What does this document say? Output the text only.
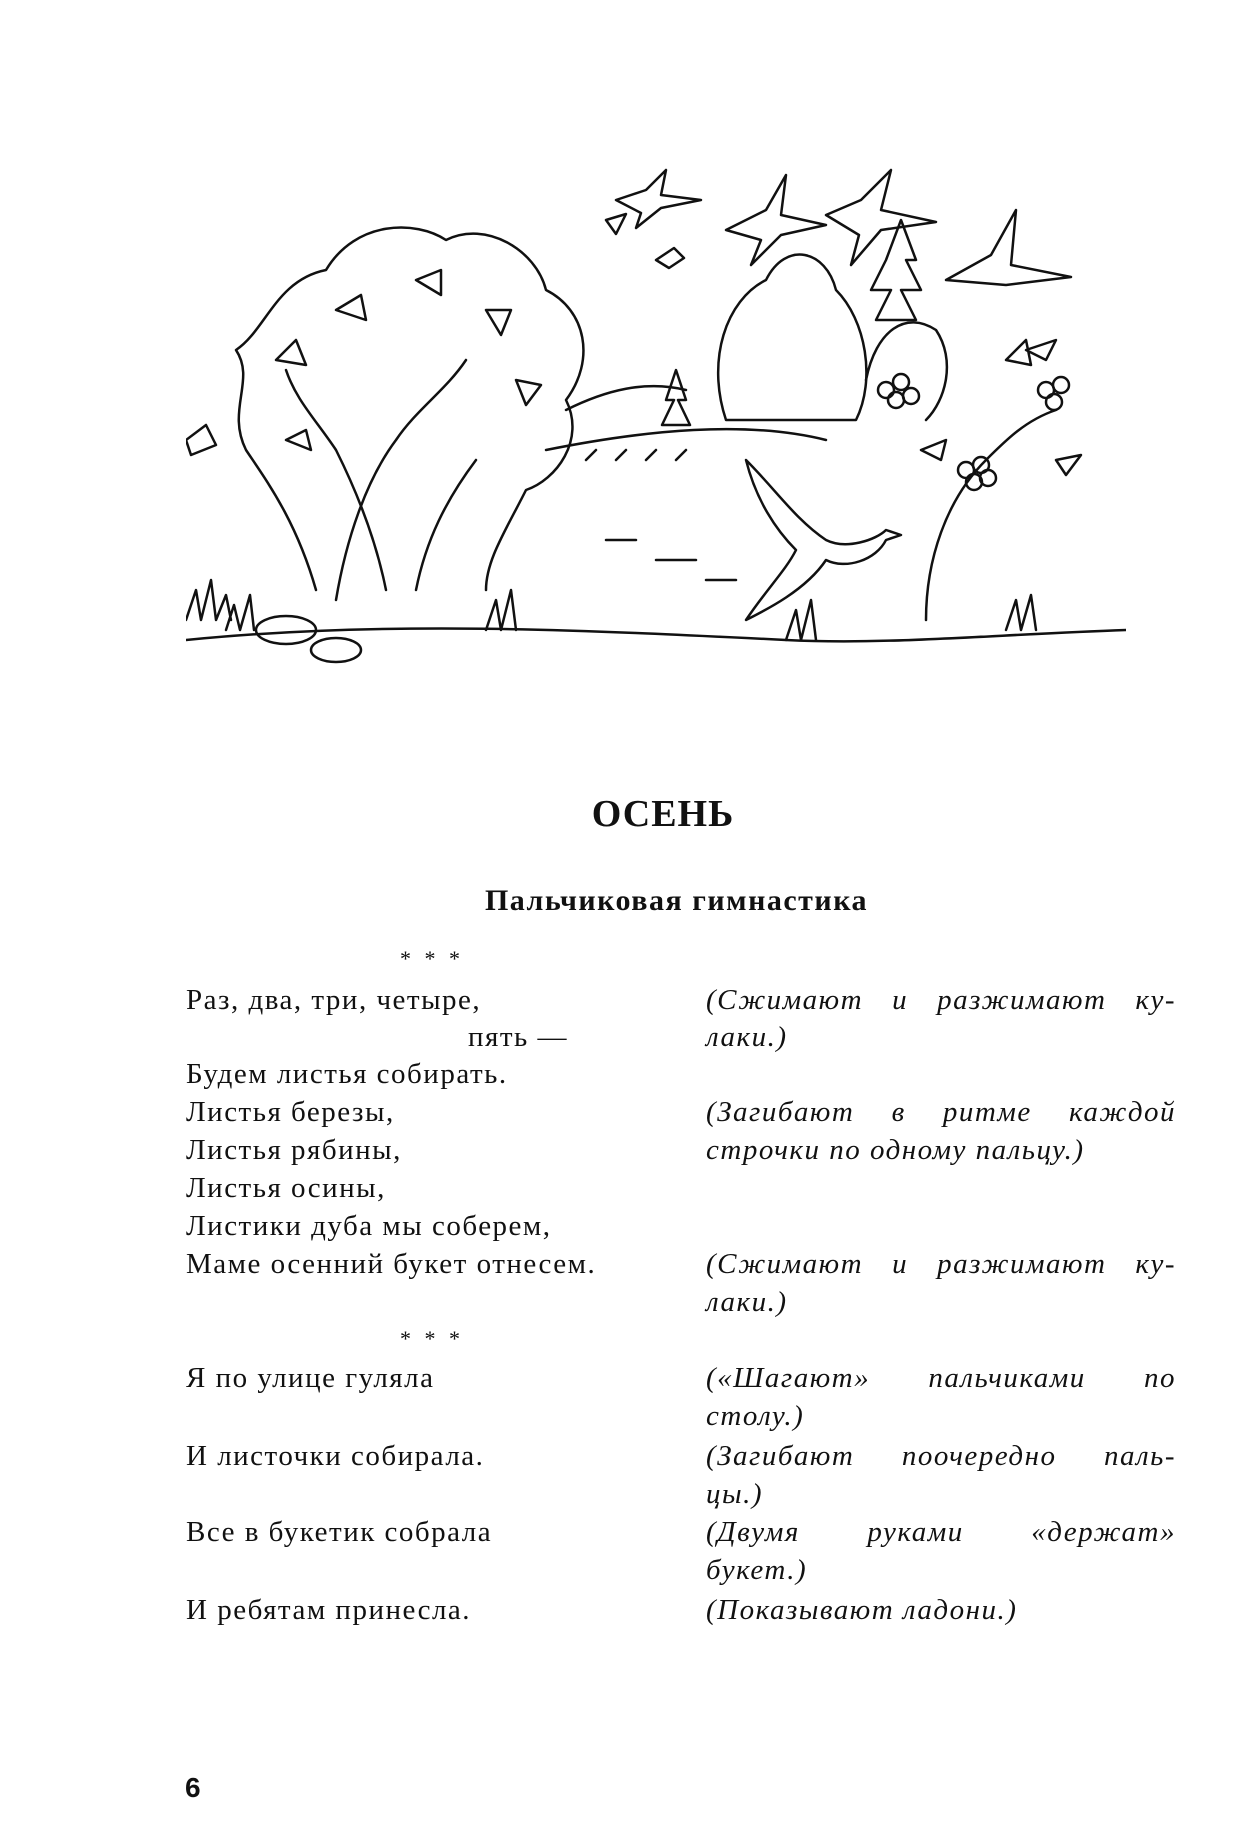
ОСЕНЬ
Пальчиковая гимнастика
* * *
Раз, два, три, четыре,
пять —
Будем листья собирать.
Листья березы,
Листья рябины,
Листья осины,
Листики дуба мы соберем,
Маме осенний букет отнесем.
(Сжимают и разжимают ку-
лаки.)
(Загибают в ритме каждой
строчки по одному пальцу.)
(Сжимают и разжимают ку-
лаки.)
* * *
Я по улице гуляла
И листочки собирала.
Все в букетик собрала
И ребятам принесла.
(«Шагают» пальчиками по
столу.)
(Загибают поочередно паль-
цы.)
(Двумя руками «держат»
букет.)
(Показывают ладони.)
6
